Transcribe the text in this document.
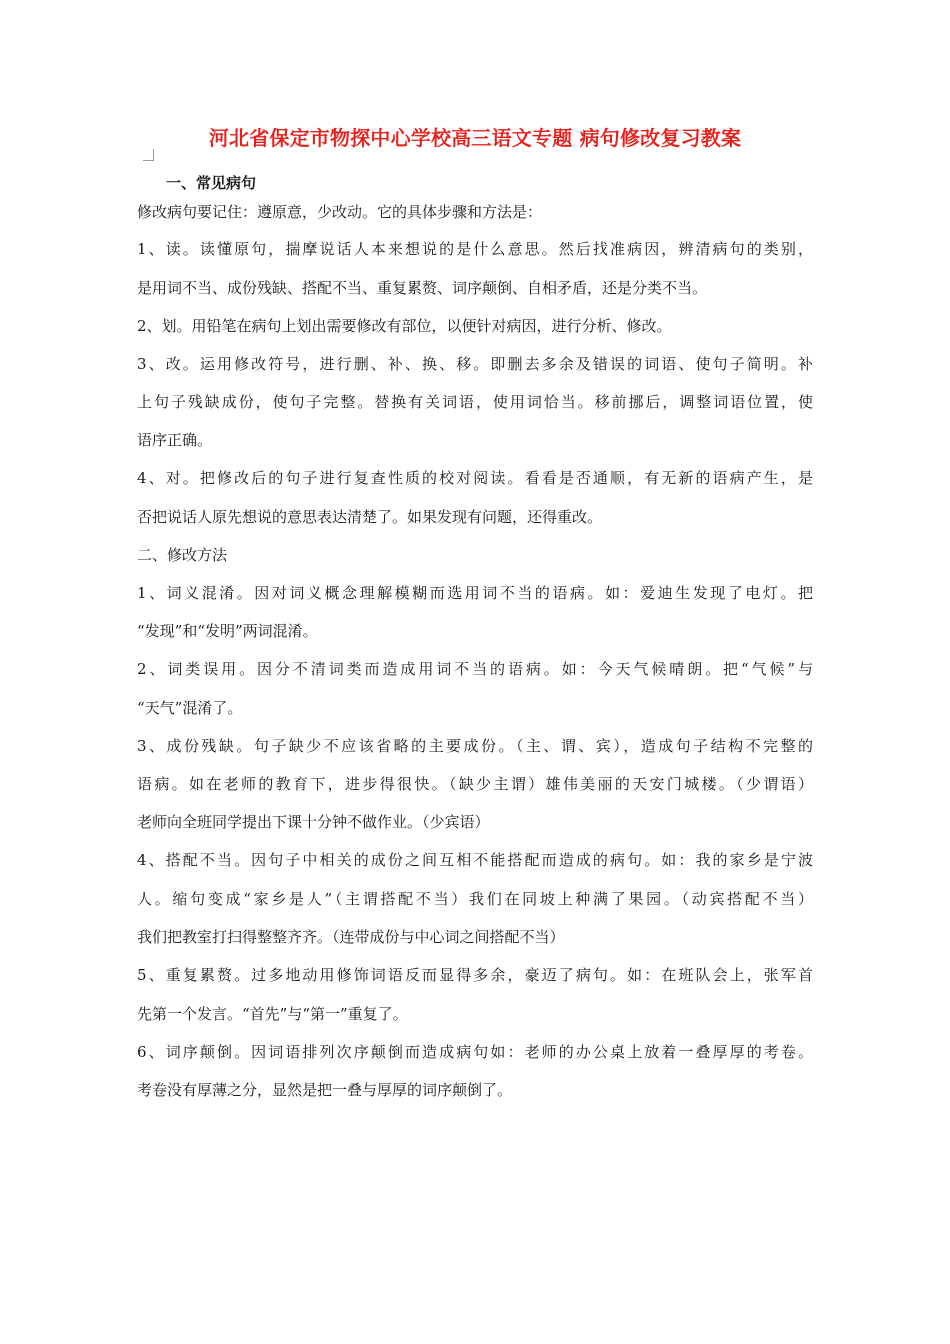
河北省保定市物探中心学校高三语文专题 病句修改复习教案
一、常见病句
修改病句要记住：遵原意，少改动。它的具体步骤和方法是：
1、读。读懂原句，揣摩说话人本来想说的是什么意思。然后找准病因，辨清病句的类别，
是用词不当、成份残缺、搭配不当、重复累赘、词序颠倒、自相矛盾，还是分类不当。
2、划。用铅笔在病句上划出需要修改有部位，以便针对病因，进行分析、修改。
3、改。运用修改符号，进行删、补、换、移。即删去多余及错误的词语、使句子简明。补
上句子残缺成份，使句子完整。替换有关词语，使用词恰当。移前挪后，调整词语位置，使
语序正确。
4、对。把修改后的句子进行复查性质的校对阅读。看看是否通顺，有无新的语病产生，是
否把说话人原先想说的意思表达清楚了。如果发现有问题，还得重改。
二、修改方法
1、词义混淆。因对词义概念理解模糊而选用词不当的语病。如：爱迪生发现了电灯。把
“发现”和“发明”两词混淆。
2、词类误用。因分不清词类而造成用词不当的语病。如：今天气候晴朗。把“气候”与
“天气”混淆了。
3、成份残缺。句子缺少不应该省略的主要成份。（主、谓、宾），造成句子结构不完整的
语病。如在老师的教育下，进步得很快。（缺少主谓）雄伟美丽的天安门城楼。（少谓语）
老师向全班同学提出下课十分钟不做作业。（少宾语）
4、搭配不当。因句子中相关的成份之间互相不能搭配而造成的病句。如：我的家乡是宁波
人。缩句变成“家乡是人”（主谓搭配不当）我们在同坡上种满了果园。（动宾搭配不当）
我们把教室打扫得整整齐齐。（连带成份与中心词之间搭配不当）
5、重复累赘。过多地动用修饰词语反而显得多余，豪迈了病句。如：在班队会上，张军首
先第一个发言。“首先”与“第一”重复了。
6、词序颠倒。因词语排列次序颠倒而造成病句如：老师的办公桌上放着一叠厚厚的考卷。
考卷没有厚薄之分，显然是把一叠与厚厚的词序颠倒了。
